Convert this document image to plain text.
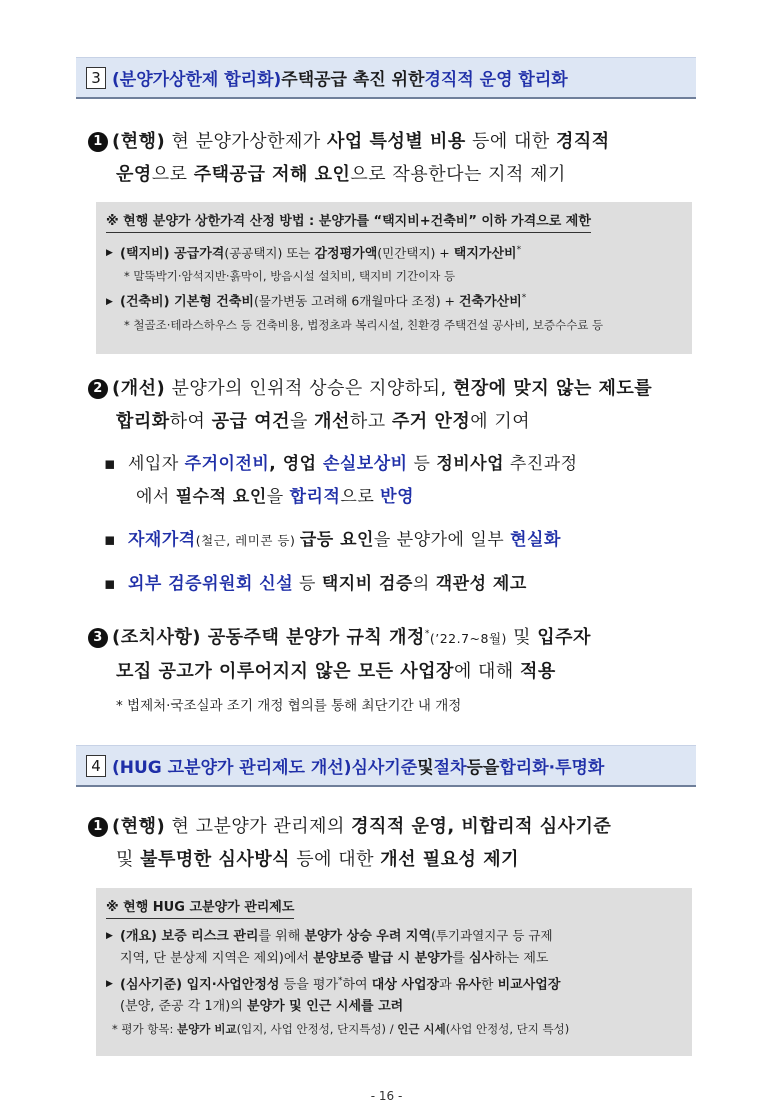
3 (분양가상한제 합리화) 주택공급 촉진 위한 경직적 운영 합리화
1 (현행) 현 분양가상한제가 사업 특성별 비용 등에 대한 경직적
운영으로 주택공급 저해 요인으로 작용한다는 지적 제기
※ 현행 분양가 상한가격 산정 방법 : 분양가를 “택지비+건축비” 이하 가격으로 제한
▶ (택지비) 공급가격(공공택지) 또는 감정평가액(민간택지) + 택지가산비*
* 말뚝박기·암석지반·흙막이, 방음시설 설치비, 택지비 기간이자 등
▶ (건축비) 기본형 건축비(물가변동 고려해 6개월마다 조정) + 건축가산비*
* 철골조·테라스하우스 등 건축비용, 법정초과 복리시설, 친환경 주택건설 공사비, 보증수수료 등
2 (개선) 분양가의 인위적 상승은 지양하되, 현장에 맞지 않는 제도를
합리화하여 공급 여건을 개선하고 주거 안정에 기여
▪ 세입자 주거이전비, 영업 손실보상비 등 정비사업 추진과정
에서 필수적 요인을 합리적으로 반영
▪ 자재가격(철근, 레미콘 등) 급등 요인을 분양가에 일부 현실화
▪ 외부 검증위원회 신설 등 택지비 검증의 객관성 제고
3 (조치사항) 공동주택 분양가 규칙 개정*(’22.7~8월) 및 입주자
모집 공고가 이루어지지 않은 모든 사업장에 대해 적용
* 법제처·국조실과 조기 개정 협의를 통해 최단기간 내 개정
4 (HUG 고분양가 관리제도 개선) 심사기준 및 절차 등을 합리화·투명화
1 (현행) 현 고분양가 관리제의 경직적 운영, 비합리적 심사기준
및 불투명한 심사방식 등에 대한 개선 필요성 제기
※ 현행 HUG 고분양가 관리제도
▶ (개요) 보증 리스크 관리를 위해 분양가 상승 우려 지역(투기과열지구 등 규제
지역, 단 분상제 지역은 제외)에서 분양보증 발급 시 분양가를 심사하는 제도
▶ (심사기준) 입지·사업안정성 등을 평가*하여 대상 사업장과 유사한 비교사업장
(분양, 준공 각 1개)의 분양가 및 인근 시세를 고려
* 평가 항목: 분양가 비교(입지, 사업 안정성, 단지특성) / 인근 시세(사업 안정성, 단지 특성)
- 16 -
